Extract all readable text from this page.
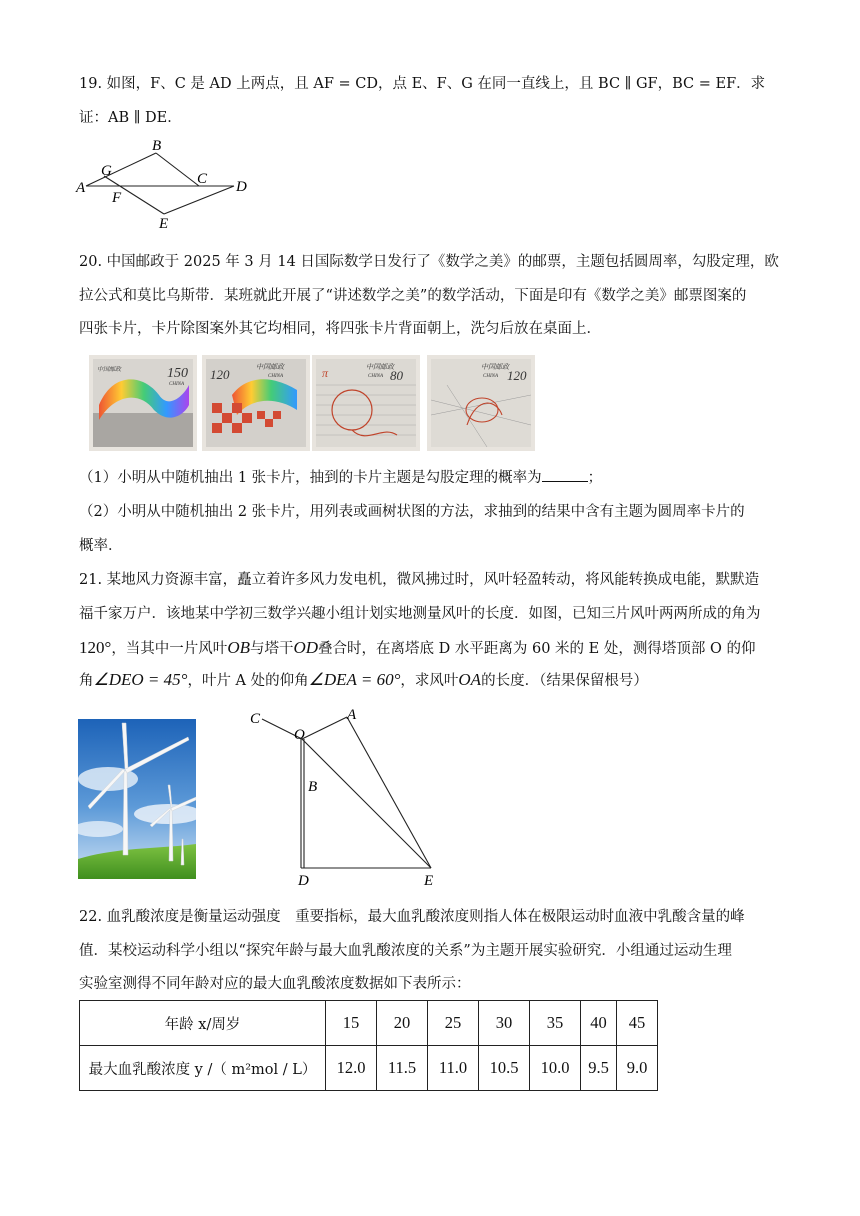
19. 如图，F、C 是 AD 上两点，且 AF = CD，点 E、F、G 在同一直线上，且 BC ∥ GF，BC = EF．求
证：AB ∥ DE．
A
B
C D
E
F
G
20. 中国邮政于 2025 年 3 月 14 日国际数学日发行了《数学之美》的邮票，主题包括圆周率，勾股定理，欧
拉公式和莫比乌斯带．某班就此开展了“讲述数学之美”的数学活动，下面是印有《数学之美》邮票图案的
四张卡片，卡片除图案外其它均相同，将四张卡片背面朝上，洗匀后放在桌面上．
中国邮政	150
CHINA
120	中国邮政
CHINA	π	中国邮政
80
CHINA
中国邮政
120
CHINA
（1）小明从中随机抽出 1 张卡片，抽到的卡片主题是勾股定理的概率为	；
（2）小明从中随机抽出 2 张卡片，用列表或画树状图的方法，求抽到的结果中含有主题为圆周率卡片的
概率．
21. 某地风力资源丰富，矗立着许多风力发电机，微风拂过时，风叶轻盈转动，将风能转换成电能，默默造
福千家万户．该地某中学初三数学兴趣小组计划实地测量风叶的长度．如图，已知三片风叶两两所成的角为
120°，当其中一片风叶OB与塔干OD叠合时，在离塔底 D 水平距离为 60 米的 E 处，测得塔顶部 O 的仰
角∠DEO = 45°，叶片 A 处的仰角∠DEA = 60°，求风叶OA的长度．（结果保留根号）
C
O
A
B
D	E
22. 血乳酸浓度是衡量运动强度　重要指标，最大血乳酸浓度则指人体在极限运动时血液中乳酸含量的峰
值．某校运动科学小组以“探究年龄与最大血乳酸浓度的关系”为主题开展实验研究．小组通过运动生理
实验室测得不同年龄对应的最大血乳酸浓度数据如下表所示：
年龄 x/周岁	15	20	25	30	35	40	45
最大血乳酸浓度 y /（ m²mol / L）	12.0	11.5	11.0	10.5	10.0	9.5	9.0
